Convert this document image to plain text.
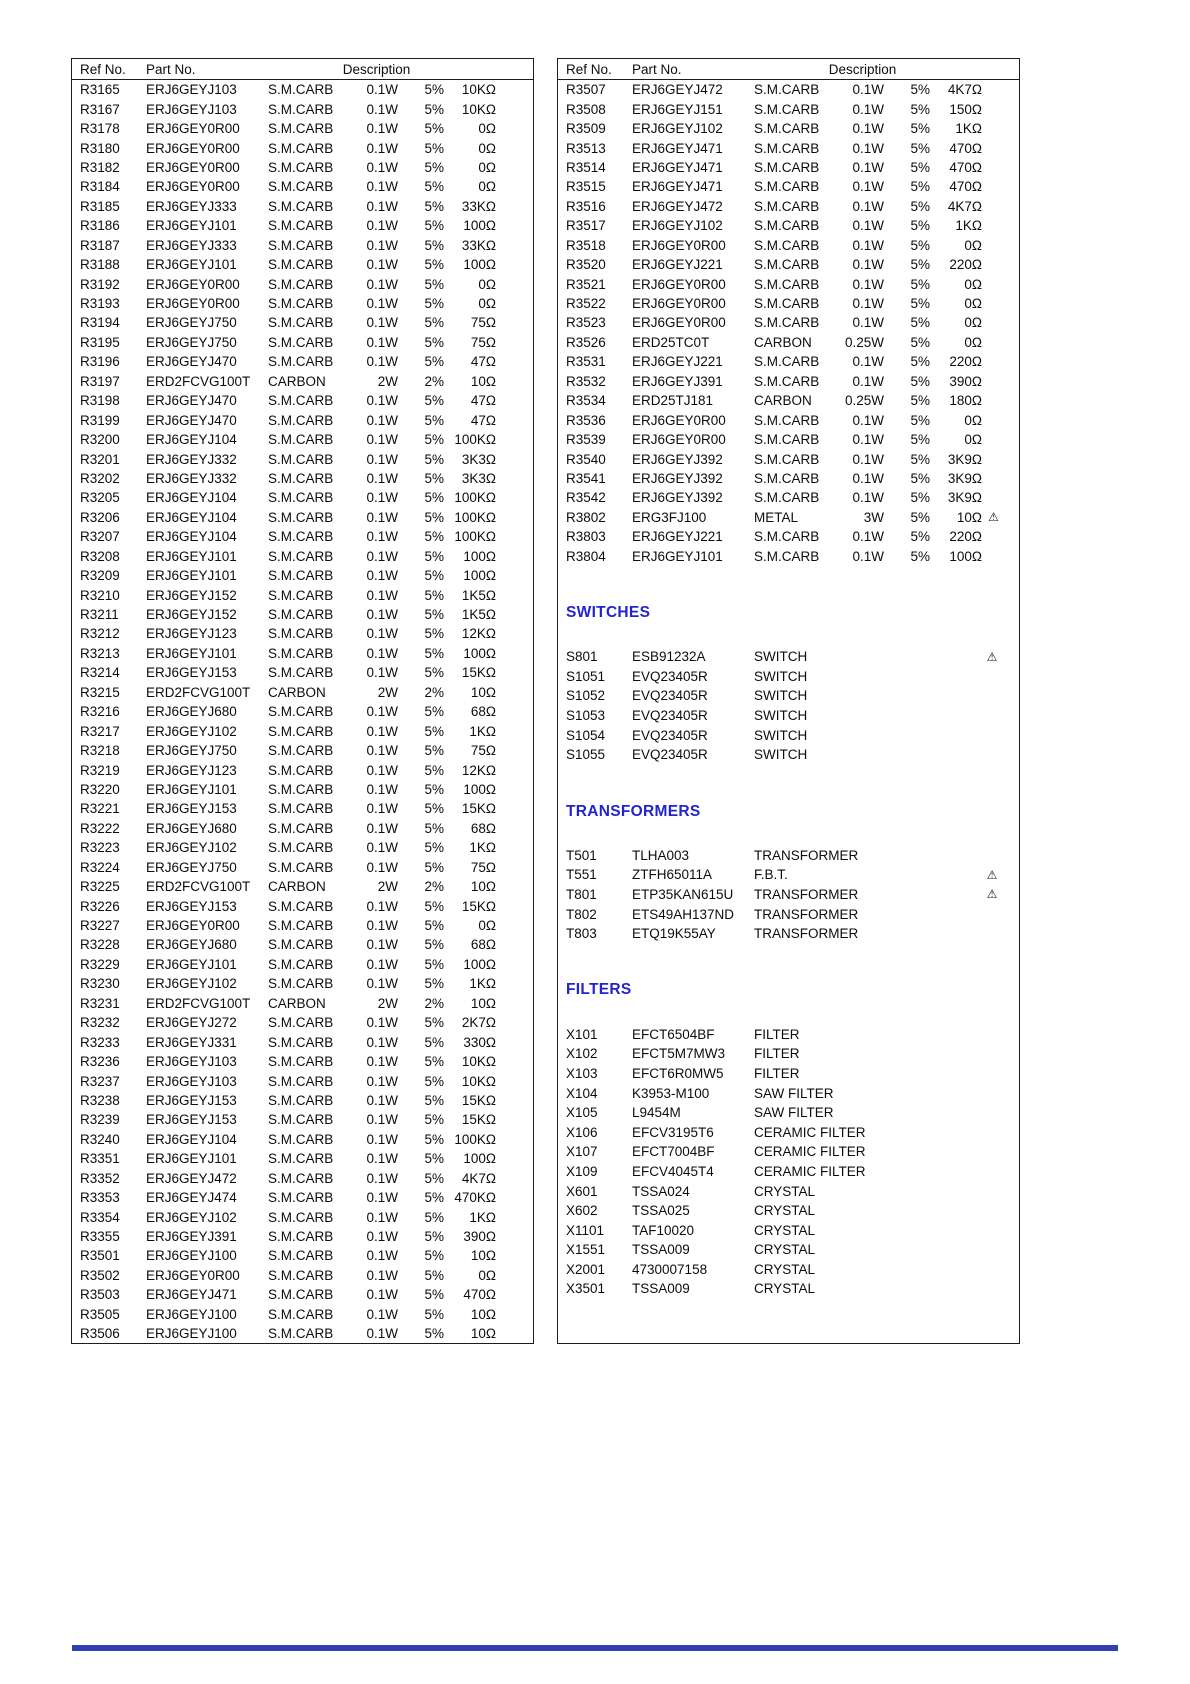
Ref No.	Part No.	Description
R3165	ERJ6GEYJ103	S.M.CARB	0.1W	5%	10KΩ
R3167	ERJ6GEYJ103	S.M.CARB	0.1W	5%	10KΩ
R3178	ERJ6GEY0R00	S.M.CARB	0.1W	5%	0Ω
R3180	ERJ6GEY0R00	S.M.CARB	0.1W	5%	0Ω
R3182	ERJ6GEY0R00	S.M.CARB	0.1W	5%	0Ω
R3184	ERJ6GEY0R00	S.M.CARB	0.1W	5%	0Ω
R3185	ERJ6GEYJ333	S.M.CARB	0.1W	5%	33KΩ
R3186	ERJ6GEYJ101	S.M.CARB	0.1W	5%	100Ω
R3187	ERJ6GEYJ333	S.M.CARB	0.1W	5%	33KΩ
R3188	ERJ6GEYJ101	S.M.CARB	0.1W	5%	100Ω
R3192	ERJ6GEY0R00	S.M.CARB	0.1W	5%	0Ω
R3193	ERJ6GEY0R00	S.M.CARB	0.1W	5%	0Ω
R3194	ERJ6GEYJ750	S.M.CARB	0.1W	5%	75Ω
R3195	ERJ6GEYJ750	S.M.CARB	0.1W	5%	75Ω
R3196	ERJ6GEYJ470	S.M.CARB	0.1W	5%	47Ω
R3197	ERD2FCVG100T	CARBON	2W	2%	10Ω
R3198	ERJ6GEYJ470	S.M.CARB	0.1W	5%	47Ω
R3199	ERJ6GEYJ470	S.M.CARB	0.1W	5%	47Ω
R3200	ERJ6GEYJ104	S.M.CARB	0.1W	5% 100KΩ
R3201	ERJ6GEYJ332	S.M.CARB	0.1W	5%	3K3Ω
R3202	ERJ6GEYJ332	S.M.CARB	0.1W	5%	3K3Ω
R3205	ERJ6GEYJ104	S.M.CARB	0.1W	5% 100KΩ
R3206	ERJ6GEYJ104	S.M.CARB	0.1W	5% 100KΩ
R3207	ERJ6GEYJ104	S.M.CARB	0.1W	5% 100KΩ
R3208	ERJ6GEYJ101	S.M.CARB	0.1W	5%	100Ω
R3209	ERJ6GEYJ101	S.M.CARB	0.1W	5%	100Ω
R3210	ERJ6GEYJ152	S.M.CARB	0.1W	5%	1K5Ω
R3211	ERJ6GEYJ152	S.M.CARB	0.1W	5%	1K5Ω
R3212	ERJ6GEYJ123	S.M.CARB	0.1W	5%	12KΩ
R3213	ERJ6GEYJ101	S.M.CARB	0.1W	5%	100Ω
R3214	ERJ6GEYJ153	S.M.CARB	0.1W	5%	15KΩ
R3215	ERD2FCVG100T	CARBON	2W	2%	10Ω
R3216	ERJ6GEYJ680	S.M.CARB	0.1W	5%	68Ω
R3217	ERJ6GEYJ102	S.M.CARB	0.1W	5%	1KΩ
R3218	ERJ6GEYJ750	S.M.CARB	0.1W	5%	75Ω
R3219	ERJ6GEYJ123	S.M.CARB	0.1W	5%	12KΩ
R3220	ERJ6GEYJ101	S.M.CARB	0.1W	5%	100Ω
R3221	ERJ6GEYJ153	S.M.CARB	0.1W	5%	15KΩ
R3222	ERJ6GEYJ680	S.M.CARB	0.1W	5%	68Ω
R3223	ERJ6GEYJ102	S.M.CARB	0.1W	5%	1KΩ
R3224	ERJ6GEYJ750	S.M.CARB	0.1W	5%	75Ω
R3225	ERD2FCVG100T	CARBON	2W	2%	10Ω
R3226	ERJ6GEYJ153	S.M.CARB	0.1W	5%	15KΩ
R3227	ERJ6GEY0R00	S.M.CARB	0.1W	5%	0Ω
R3228	ERJ6GEYJ680	S.M.CARB	0.1W	5%	68Ω
R3229	ERJ6GEYJ101	S.M.CARB	0.1W	5%	100Ω
R3230	ERJ6GEYJ102	S.M.CARB	0.1W	5%	1KΩ
R3231	ERD2FCVG100T	CARBON	2W	2%	10Ω
R3232	ERJ6GEYJ272	S.M.CARB	0.1W	5%	2K7Ω
R3233	ERJ6GEYJ331	S.M.CARB	0.1W	5%	330Ω
R3236	ERJ6GEYJ103	S.M.CARB	0.1W	5%	10KΩ
R3237	ERJ6GEYJ103	S.M.CARB	0.1W	5%	10KΩ
R3238	ERJ6GEYJ153	S.M.CARB	0.1W	5%	15KΩ
R3239	ERJ6GEYJ153	S.M.CARB	0.1W	5%	15KΩ
R3240	ERJ6GEYJ104	S.M.CARB	0.1W	5% 100KΩ
R3351	ERJ6GEYJ101	S.M.CARB	0.1W	5%	100Ω
R3352	ERJ6GEYJ472	S.M.CARB	0.1W	5%	4K7Ω
R3353	ERJ6GEYJ474	S.M.CARB	0.1W	5% 470KΩ
R3354	ERJ6GEYJ102	S.M.CARB	0.1W	5%	1KΩ
R3355	ERJ6GEYJ391	S.M.CARB	0.1W	5%	390Ω
R3501	ERJ6GEYJ100	S.M.CARB	0.1W	5%	10Ω
R3502	ERJ6GEY0R00	S.M.CARB	0.1W	5%	0Ω
R3503	ERJ6GEYJ471	S.M.CARB	0.1W	5%	470Ω
R3505	ERJ6GEYJ100	S.M.CARB	0.1W	5%	10Ω
R3506	ERJ6GEYJ100	S.M.CARB	0.1W	5%	10Ω
Ref No.	Part No.	Description
R3507	ERJ6GEYJ472	S.M.CARB	0.1W	5%	4K7Ω
R3508	ERJ6GEYJ151	S.M.CARB	0.1W	5%	150Ω
R3509	ERJ6GEYJ102	S.M.CARB	0.1W	5%	1KΩ
R3513	ERJ6GEYJ471	S.M.CARB	0.1W	5%	470Ω
R3514	ERJ6GEYJ471	S.M.CARB	0.1W	5%	470Ω
R3515	ERJ6GEYJ471	S.M.CARB	0.1W	5%	470Ω
R3516	ERJ6GEYJ472	S.M.CARB	0.1W	5%	4K7Ω
R3517	ERJ6GEYJ102	S.M.CARB	0.1W	5%	1KΩ
R3518	ERJ6GEY0R00	S.M.CARB	0.1W	5%	0Ω
R3520	ERJ6GEYJ221	S.M.CARB	0.1W	5%	220Ω
R3521	ERJ6GEY0R00	S.M.CARB	0.1W	5%	0Ω
R3522	ERJ6GEY0R00	S.M.CARB	0.1W	5%	0Ω
R3523	ERJ6GEY0R00	S.M.CARB	0.1W	5%	0Ω
R3526	ERD25TC0T	CARBON	0.25W	5%	0Ω
R3531	ERJ6GEYJ221	S.M.CARB	0.1W	5%	220Ω
R3532	ERJ6GEYJ391	S.M.CARB	0.1W	5%	390Ω
R3534	ERD25TJ181	CARBON	0.25W	5%	180Ω
R3536	ERJ6GEY0R00	S.M.CARB	0.1W	5%	0Ω
R3539	ERJ6GEY0R00	S.M.CARB	0.1W	5%	0Ω
R3540	ERJ6GEYJ392	S.M.CARB	0.1W	5%	3K9Ω
R3541	ERJ6GEYJ392	S.M.CARB	0.1W	5%	3K9Ω
R3542	ERJ6GEYJ392	S.M.CARB	0.1W	5%	3K9Ω
R3802	ERG3FJ100	METAL	3W	5%	10Ω ⚠
R3803	ERJ6GEYJ221	S.M.CARB	0.1W	5%	220Ω
R3804	ERJ6GEYJ101	S.M.CARB	0.1W	5%	100Ω
SWITCHES
S801	ESB91232A	SWITCH	⚠
S1051	EVQ23405R	SWITCH
S1052	EVQ23405R	SWITCH
S1053	EVQ23405R	SWITCH
S1054	EVQ23405R	SWITCH
S1055	EVQ23405R	SWITCH
TRANSFORMERS
T501	TLHA003	TRANSFORMER
T551	ZTFH65011A	F.B.T.	⚠
T801	ETP35KAN615U	TRANSFORMER	⚠
T802	ETS49AH137ND	TRANSFORMER
T803	ETQ19K55AY	TRANSFORMER
FILTERS
X101	EFCT6504BF	FILTER
X102	EFCT5M7MW3	FILTER
X103	EFCT6R0MW5	FILTER
X104	K3953-M100	SAW FILTER
X105	L9454M	SAW FILTER
X106	EFCV3195T6	CERAMIC FILTER
X107	EFCT7004BF	CERAMIC FILTER
X109	EFCV4045T4	CERAMIC FILTER
X601	TSSA024	CRYSTAL
X602	TSSA025	CRYSTAL
X1101	TAF10020	CRYSTAL
X1551	TSSA009	CRYSTAL
X2001	4730007158	CRYSTAL
X3501	TSSA009	CRYSTAL
